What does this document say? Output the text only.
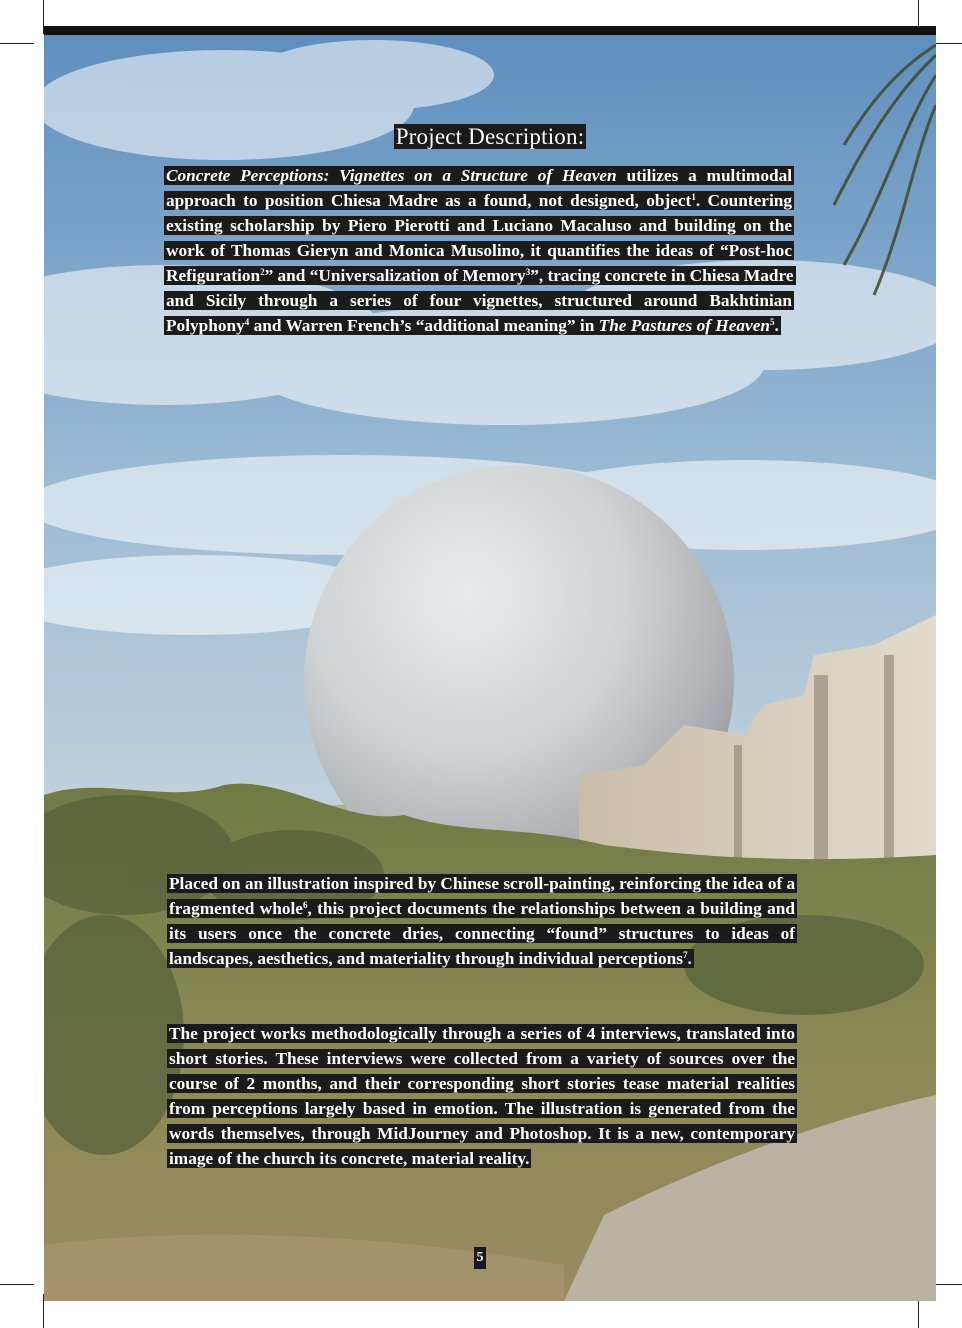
Project Description:
Concrete Perceptions: Vignettes on a Structure of Heaven utilizes a multimodal approach to position Chiesa Madre as a found, not designed, object$^1$. Countering existing scholarship by Piero Pierotti and Luciano Macaluso and building on the work of Thomas Gieryn and Monica Musolino, it quantifies the ideas of “Post-hoc Refiguration$^2$” and “Universalization of Memory$^3$”, tracing concrete in Chiesa Madre and Sicily through a series of four vignettes, structured around Bakhtinian Polyphony$^4$ and Warren French’s “additional meaning” in The Pastures of Heaven$^5$.
Placed on an illustration inspired by Chinese scroll-painting, reinforcing the idea of a fragmented whole$^6$, this project documents the relationships between a building and its users once the concrete dries, connecting “found” structures to ideas of landscapes, aesthetics, and materiality through individual perceptions$^7$.
The project works methodologically through a series of 4 interviews, translated into short stories. These interviews were collected from a variety of sources over the course of 2 months, and their corresponding short stories tease material realities from perceptions largely based in emotion. The illustration is generated from the words themselves, through MidJourney and Photoshop. It is a new, contemporary image of the church its concrete, material reality.
5
